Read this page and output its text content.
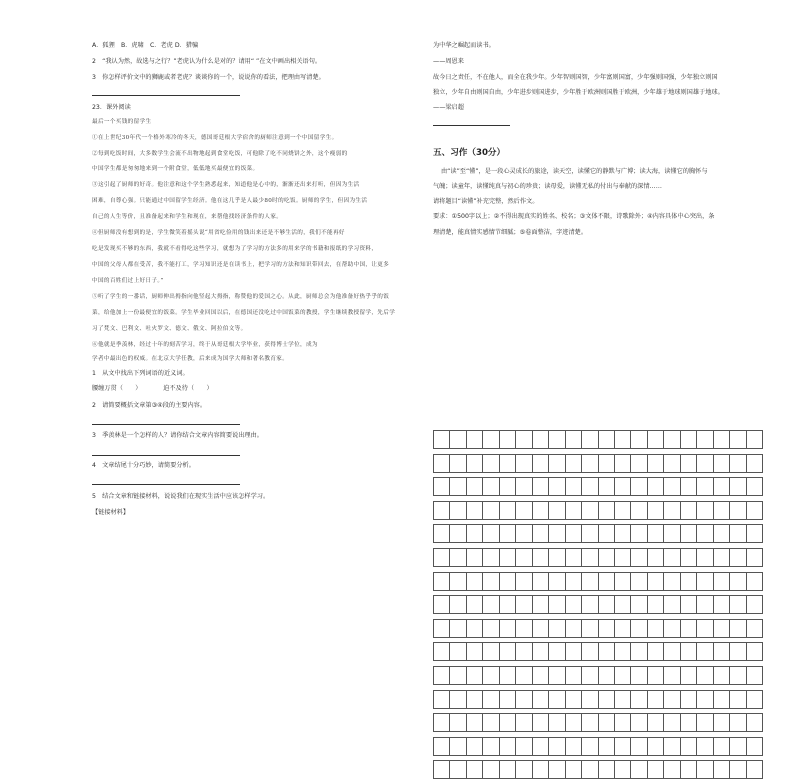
A．狐狸　B．虎啸　C．老虎 D．猎骗
2　“我认为然，故选与之行？”老虎认为什么是对的？请用“ ”在文中画出相关语句。
3　你怎样评价文中的狮鹿或者老虎？谈谈你的一个，说说你的看法，把理由写清楚。
23．课外阅读
最后一个买钱的留学生
①在上世纪30年代一个格外寒冷的冬天，德国哥廷根大学宿舍的厨师注意到一个中国留学生。
②每到吃饭时间，大多数学生会流不出物地起到食堂吃饭，可他除了吃不同烧饼之外，这个瘦弱的
中国学生都是匆匆地来到一个附食堂，低低地买最便宜的饭菜。
③这引起了厨师的好奇。他注意和这个学生熟悉起来，知道他是心中的，渐渐还出来打听，但因为生活
困难，自尊心强。只能通过中国留学生经济。他在这几乎是人最少80时的吃饭。厨师的学生，但因为生活
自己的人生等价，且准备起来和学生和现在，来帮他找经济条件的人家。
④但厨师没有想到的是，学生微笑着摇头说“用省吃俭用的钱出来还是不够生活的，我们不能再好
吃是发现买不够的东西，我就不看得吃这些学习，就想为了学习的方法多的用来学的书籍和报纸的学习资料，
中国的父母人都在受苦，我不能打工，学习知识还是在读书上，把学习的方法和知识带回去，在帮助中国，让更多
中国的百姓们过上好日子。”
⑤听了学生的一番话，厨师伸出拇指向他竖起大拇指，称赞他的爱国之心。从此，厨师总会为他准备好热乎乎的饭
菜，给他加上一份最便宜的饭菜。学生毕业回国以后，在德国还没吃过中国饭菜的教授，学生继续教授留学，先后学
习了梵文、巴利文、吐火罗文、德文、俄文、阿拉伯文等。
⑥他就是季羡林，经过十年的刻苦学习，终于从哥廷根大学毕业，获得博士学位，成为
学者中最出色的权威。在北京大学任教，后来成为国学大师和著名教育家。
1　从文中找出下列词语的近义词。
腰缠万贯（　　）　　　　迫不及待（　　）
2　请简要概括文章第③④段的主要内容。
3　季羡林是一个怎样的人？请你结合文章内容简要说出理由。
4　文章结尾十分巧妙，请简要分析。
5　结合文章和链接材料，说说我们在现实生活中应该怎样学习。
【链接材料】
为中华之崛起而读书。
——周恩来
故今日之责任，不在他人，而全在我少年。少年智则国智，少年富则国富，少年强则国强，少年独立则国
独立，少年自由则国自由，少年进步则国进步，少年胜于欧洲则国胜于欧洲，少年雄于地球则国雄于地球。
——梁启超
五、习作（30分）
由“读”至“懂”，是一段心灵成长的旅途，读天空，读懂它的静默与广博；读大海，读懂它的胸怀与
气魄；读童年，读懂纯真与初心的珍贵；读母爱，读懂无私的付出与奉献的深情……
请将题目“读懂”补充完整，然后作文。
要求：①500字以上；②不得出现真实的姓名、校名；③文体不限，诗歌除外；④内容具体中心突出，条
理清楚，能真情实感情节细腻；⑤卷面整洁，字迹清楚。
